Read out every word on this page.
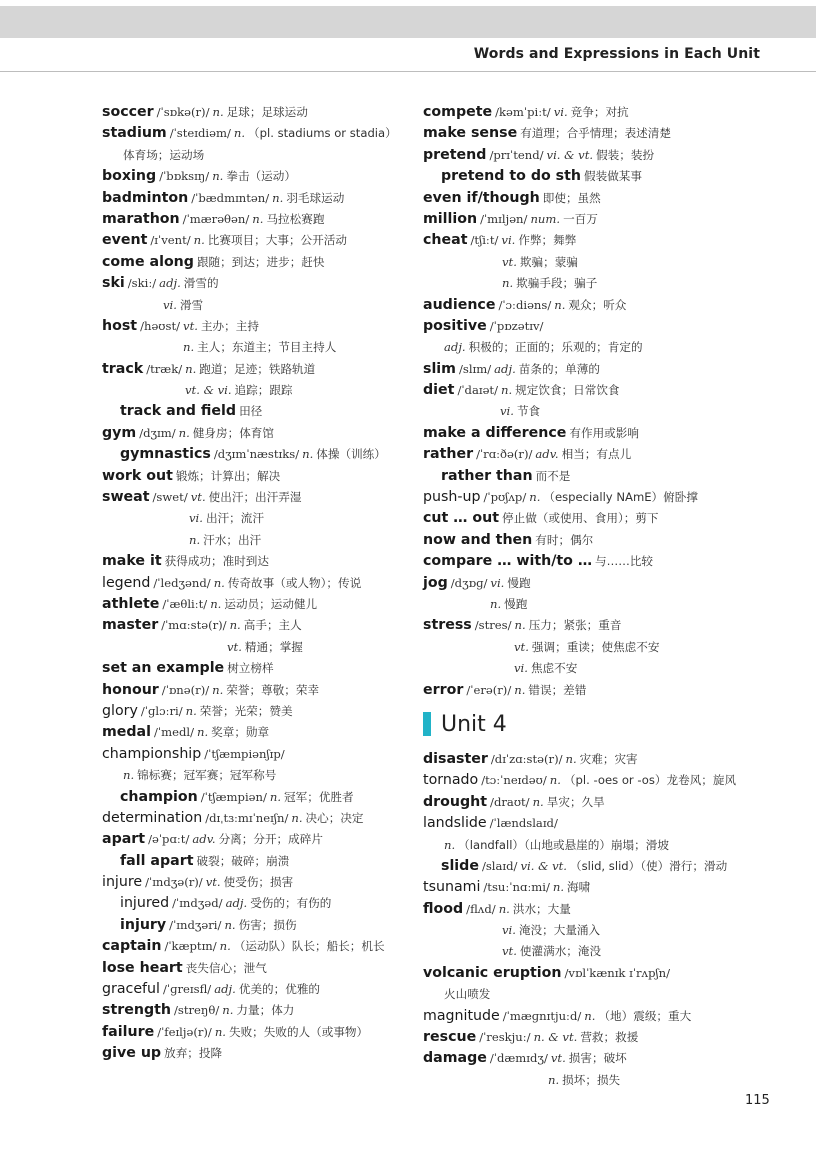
Words and Expressions in Each Unit
soccer /ˈsɒkə(r)/ n. 足球；足球运动
stadium /ˈsteɪdiəm/ n. （pl. stadiums or stadia）
体育场；运动场
boxing /ˈbɒksɪŋ/ n. 拳击（运动）
badminton /ˈbædmɪntən/ n. 羽毛球运动
marathon /ˈmærəθən/ n. 马拉松赛跑
event /ɪˈvent/ n. 比赛项目；大事；公开活动
come along 跟随；到达；进步；赶快
ski /skiː/ adj. 滑雪的
vi. 滑雪
host /həʊst/ vt. 主办；主持
n. 主人；东道主；节目主持人
track /træk/ n. 跑道；足迹；铁路轨道
vt. & vi. 追踪；跟踪
track and field 田径
gym /dʒɪm/ n. 健身房；体育馆
gymnastics /dʒɪmˈnæstɪks/ n. 体操（训练）
work out 锻炼；计算出；解决
sweat /swet/ vt. 使出汗；出汗弄湿
vi. 出汗；流汗
n. 汗水；出汗
make it 获得成功；准时到达
legend /ˈledʒənd/ n. 传奇故事（或人物）；传说
athlete /ˈæθliːt/ n. 运动员；运动健儿
master /ˈmɑːstə(r)/ n. 高手；主人
vt. 精通；掌握
set an example 树立榜样
honour /ˈɒnə(r)/ n. 荣誉；尊敬；荣幸
glory /ˈɡlɔːri/ n. 荣誉；光荣；赞美
medal /ˈmedl/ n. 奖章；勋章
championship /ˈtʃæmpiənʃɪp/
n. 锦标赛；冠军赛；冠军称号
champion /ˈtʃæmpiən/ n. 冠军；优胜者
determination /dɪˌtɜːmɪˈneɪʃn/ n. 决心；决定
apart /əˈpɑːt/ adv. 分离；分开；成碎片
fall apart 破裂；破碎；崩溃
injure /ˈɪndʒə(r)/ vt. 使受伤；损害
injured /ˈɪndʒəd/ adj. 受伤的；有伤的
injury /ˈɪndʒəri/ n. 伤害；损伤
captain /ˈkæptɪn/ n. （运动队）队长；船长；机长
lose heart 丧失信心；泄气
graceful /ˈɡreɪsfl/ adj. 优美的；优雅的
strength /streŋθ/ n. 力量；体力
failure /ˈfeɪljə(r)/ n. 失败；失败的人（或事物）
give up 放弃；投降
compete /kəmˈpiːt/ vi. 竞争；对抗
make sense 有道理；合乎情理；表述清楚
pretend /prɪˈtend/ vi. & vt. 假装；装扮
pretend to do sth 假装做某事
even if/though 即使；虽然
million /ˈmɪljən/ num. 一百万
cheat /tʃiːt/ vi. 作弊；舞弊
vt. 欺骗；蒙骗
n. 欺骗手段；骗子
audience /ˈɔːdiəns/ n. 观众；听众
positive /ˈpɒzətɪv/
adj. 积极的；正面的；乐观的；肯定的
slim /slɪm/ adj. 苗条的；单薄的
diet /ˈdaɪət/ n. 规定饮食；日常饮食
vi. 节食
make a difference 有作用或影响
rather /ˈrɑːðə(r)/ adv. 相当；有点儿
rather than 而不是
push-up /ˈpʊʃʌp/ n. （especially NAmE）俯卧撑
cut … out 停止做（或使用、食用）；剪下
now and then 有时；偶尔
compare … with/to … 与……比较
jog /dʒɒɡ/ vi. 慢跑
n. 慢跑
stress /stres/ n. 压力；紧张；重音
vt. 强调；重读；使焦虑不安
vi. 焦虑不安
error /ˈerə(r)/ n. 错误；差错
Unit 4
disaster /dɪˈzɑːstə(r)/ n. 灾难；灾害
tornado /tɔːˈneɪdəʊ/ n. （pl. -oes or -os）龙卷风；旋风
drought /draʊt/ n. 旱灾；久旱
landslide /ˈlændslaɪd/
n. （landfall）（山地或悬崖的）崩塌；滑坡
slide /slaɪd/ vi. & vt. （slid, slid）（使）滑行；滑动
tsunami /tsuːˈnɑːmi/ n. 海啸
flood /flʌd/ n. 洪水；大量
vi. 淹没；大量涌入
vt. 使灌满水；淹没
volcanic eruption /vɒlˈkænɪk ɪˈrʌpʃn/
火山喷发
magnitude /ˈmæɡnɪtjuːd/ n. （地）震级；重大
rescue /ˈreskjuː/ n. & vt. 营救；救援
damage /ˈdæmɪdʒ/ vt. 损害；破坏
n. 损坏；损失
115
